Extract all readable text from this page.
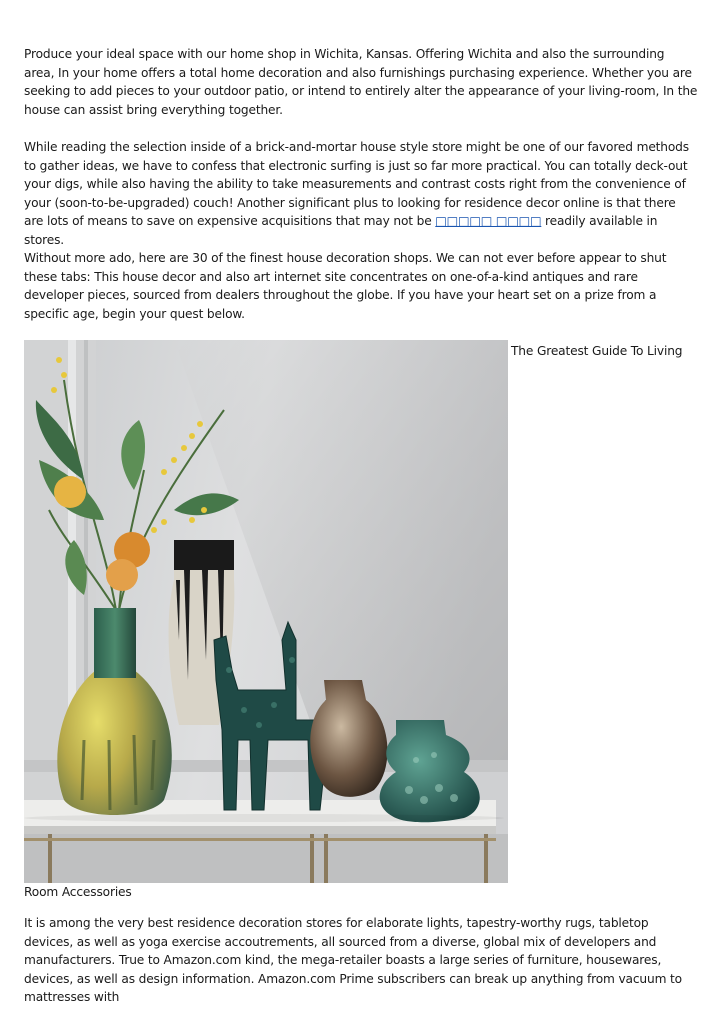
Produce your ideal space with our home shop in Wichita, Kansas. Offering Wichita and also the surrounding area, In your home offers a total home decoration and also furnishings purchasing experience. Whether you are seeking to add pieces to your outdoor patio, or intend to entirely alter the appearance of your living-room, In the house can assist bring everything together.

While reading the selection inside of a brick-and-mortar house style store might be one of our favored methods to gather ideas, we have to confess that electronic surfing is just so far more practical. You can totally deck-out your digs, while also having the ability to take measurements and contrast costs right from the convenience of your (soon-to-be-upgraded) couch! Another significant plus to looking for residence decor online is that there are lots of means to save on expensive acquisitions that may not be □□□□□ □□□□ readily available in stores.

Without more ado, here are 30 of the finest house decoration shops. We can not ever before appear to shut these tabs: This house decor and also art internet site concentrates on one-of-a-kind antiques and rare developer pieces, sourced from dealers throughout the globe. If you have your heart set on a prize from a specific age, begin your quest below.

The Greatest Guide To Living
Room Accessories

It is among the very best residence decoration stores for elaborate lights, tapestry-worthy rugs, tabletop devices, as well as yoga exercise accoutrements, all sourced from a diverse, global mix of developers and manufacturers. True to Amazon.com kind, the mega-retailer boasts a large series of furniture, housewares, devices, as well as design information. Amazon.com Prime subscribers can break up anything from vacuum to mattresses with
